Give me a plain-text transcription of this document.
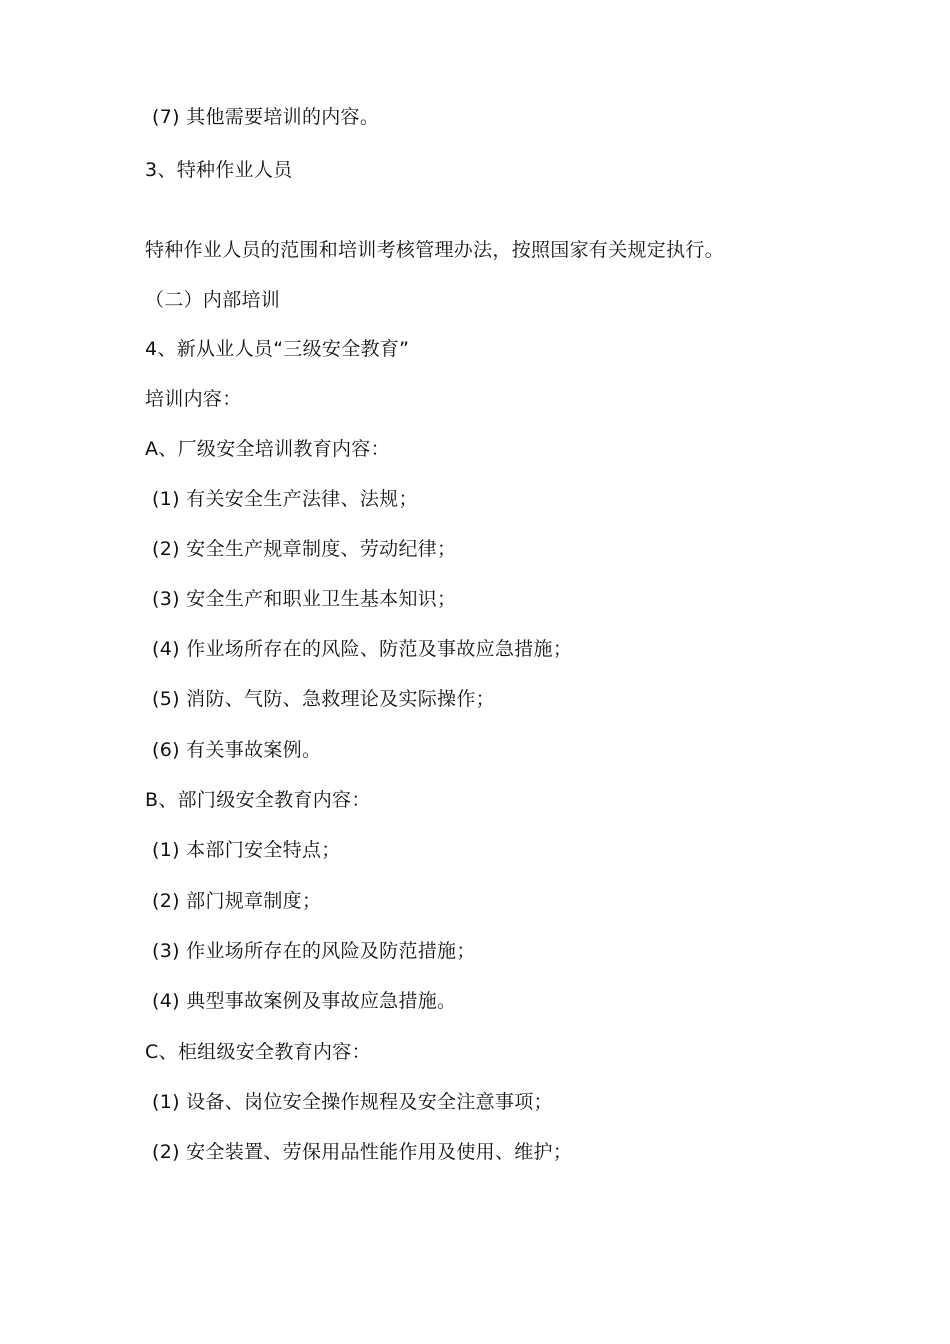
(7) 其他需要培训的内容。
3、特种作业人员
特种作业人员的范围和培训考核管理办法，按照国家有关规定执行。
（二）内部培训
4、新从业人员“三级安全教育”
培训内容：
A、厂级安全培训教育内容：
(1) 有关安全生产法律、法规；
(2) 安全生产规章制度、劳动纪律；
(3) 安全生产和职业卫生基本知识；
(4) 作业场所存在的风险、防范及事故应急措施；
(5) 消防、气防、急救理论及实际操作；
(6) 有关事故案例。
B、部门级安全教育内容：
(1) 本部门安全特点；
(2) 部门规章制度；
(3) 作业场所存在的风险及防范措施；
(4) 典型事故案例及事故应急措施。
C、柜组级安全教育内容：
(1) 设备、岗位安全操作规程及安全注意事项；
(2) 安全装置、劳保用品性能作用及使用、维护；
